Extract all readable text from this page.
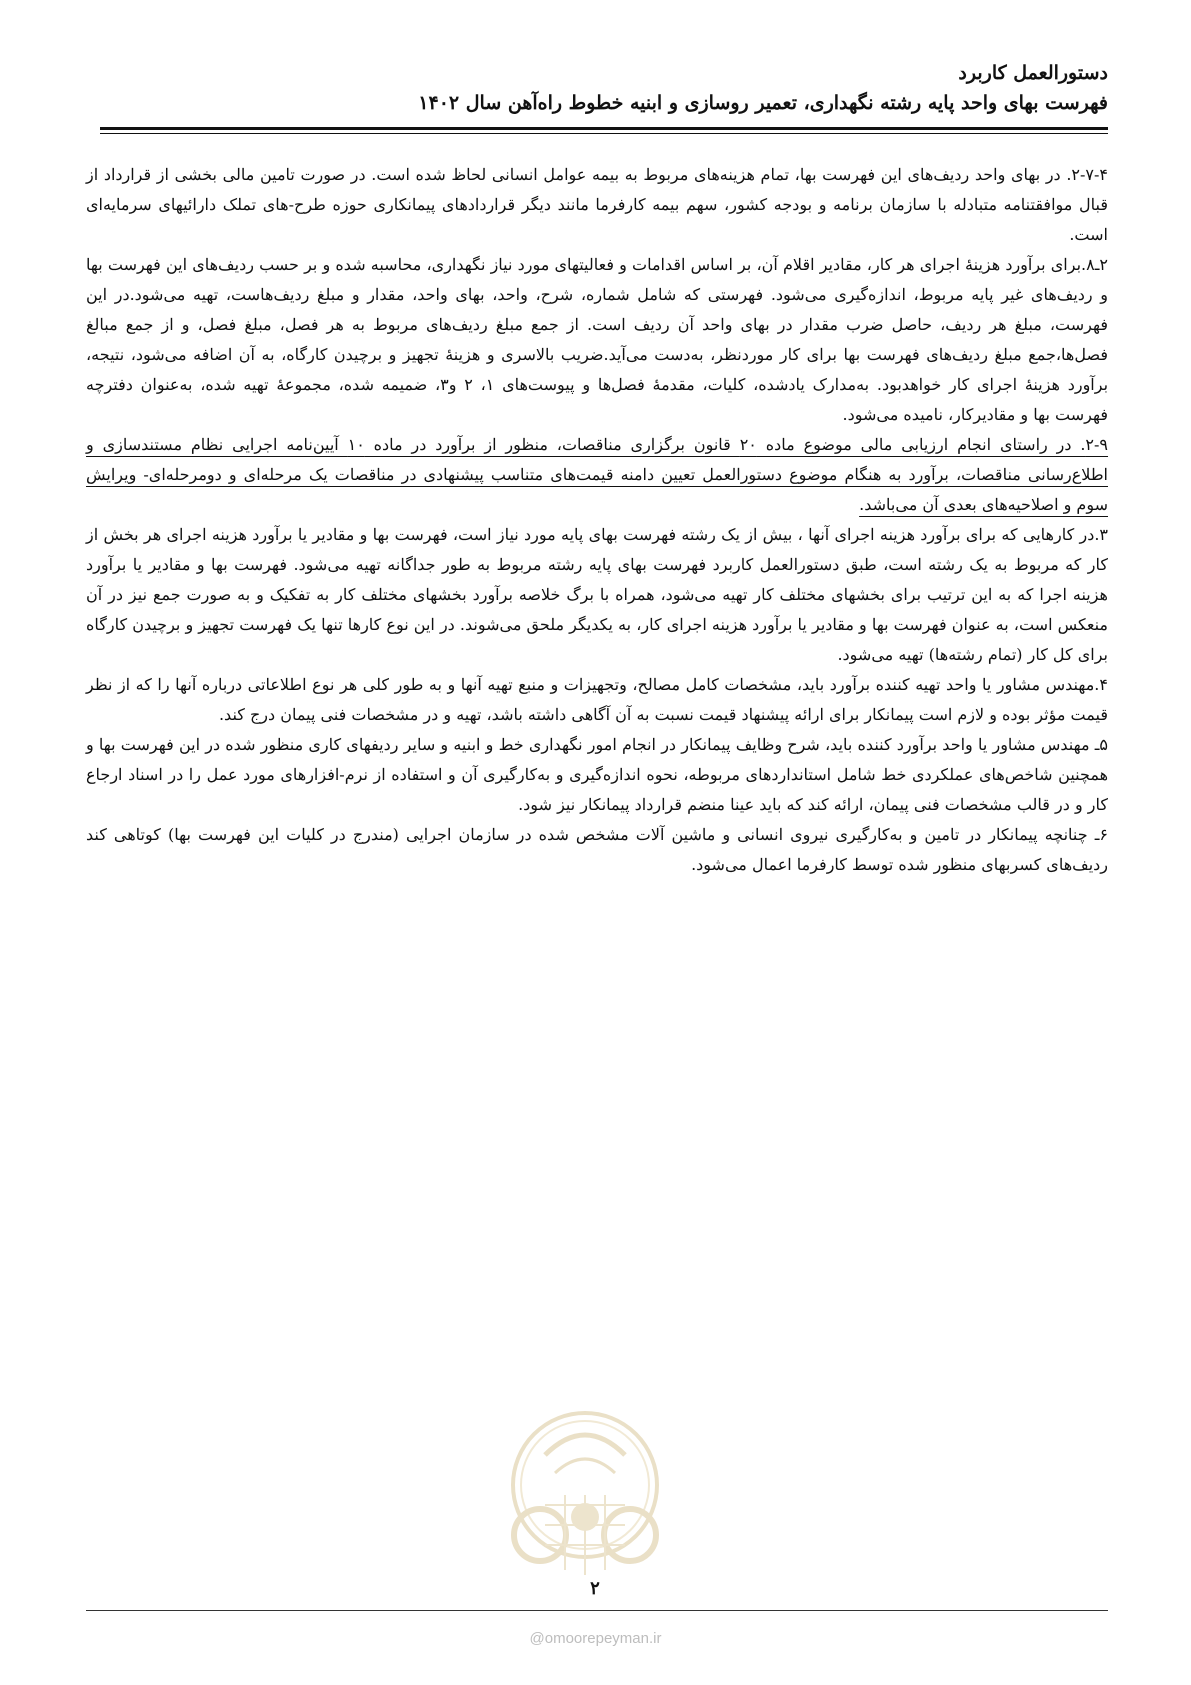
دستورالعمل کاربرد
فهرست بهای واحد پایه رشته نگهداری، تعمیر روسازی و ابنیه خطوط راه‌آهن سال ۱۴۰۲

۲-۷-۴. در بهای واحد ردیف‌های این فهرست بها، تمام هزینه‌های مربوط به بیمه عوامل انسانی لحاظ شده است. در صورت تامین مالی بخشی از قرارداد از قبال موافقتنامه متبادله با سازمان برنامه و بودجه کشور، سهم بیمه کارفرما مانند دیگر قراردادهای پیمانکاری حوزه طرح-های تملک دارائیهای سرمایه‌ای است.

۲ـ۸.برای برآورد هزینهٔ اجرای هر کار، مقادیر اقلام آن، بر اساس اقدامات و فعالیتهای مورد نیاز نگهداری، محاسبه شده و بر حسب ردیف‌های این فهرست بها و ردیف‌های غیر پایه مربوط، اندازه‌گیری می‌شود. فهرستی که شامل شماره، شرح، واحد، بهای واحد، مقدار و مبلغ ردیف‌هاست، تهیه می‌شود.در این فهرست، مبلغ هر ردیف، حاصل ضرب مقدار در بهای واحد آن ردیف است. از جمع مبلغ ردیف‌های مربوط به هر فصل، مبلغ فصل، و از جمع مبالغ فصل‌ها،جمع مبلغ ردیف‌های فهرست بها برای کار موردنظر، به‌دست می‌آید.ضریب بالاسری و هزینهٔ تجهیز و برچیدن کارگاه، به آن اضافه می‌شود، نتیجه، برآورد هزینهٔ اجرای کار خواهدبود. به‌مدارک یادشده، کلیات، مقدمهٔ فصل‌ها و پیوست‌های ۱، ۲ و۳، ضمیمه شده، مجموعهٔ تهیه شده، به‌عنوان دفترچه فهرست بها و مقادیرکار، نامیده می‌شود.

۲-۹. در راستای انجام ارزیابی مالی موضوع ماده ۲۰ قانون برگزاری مناقصات، منظور از برآورد در ماده ۱۰ آیین‌نامه اجرایی نظام مستندسازی و اطلاع‌رسانی مناقصات، برآورد به هنگام موضوع دستورالعمل تعیین دامنه قیمت‌های متناسب پیشنهادی در مناقصات یک مرحله‌ای و دومرحله‌ای- ویرایش سوم و اصلاحیه‌های بعدی آن می‌باشد.

۳.در کارهایی که برای برآورد هزینه اجرای آنها ، بیش از یک رشته فهرست بهای پایه مورد نیاز است، فهرست بها و مقادیر یا برآورد هزینه اجرای هر بخش از کار که مربوط به یک رشته است، طبق دستورالعمل کاربرد فهرست بهای پایه رشته مربوط به طور جداگانه تهیه می‌شود. فهرست بها و مقادیر یا برآورد هزینه اجرا که به این ترتیب برای بخشهای مختلف کار تهیه می‌شود، همراه با برگ خلاصه برآورد بخشهای مختلف کار به تفکیک و به صورت جمع نیز در آن منعکس است، به عنوان فهرست بها و مقادیر یا برآورد هزینه اجرای کار، به یکدیگر ملحق می‌شوند. در این نوع کارها تنها یک فهرست تجهیز و برچیدن کارگاه برای کل کار (تمام رشته‌ها) تهیه می‌شود.

۴.مهندس مشاور یا واحد تهیه کننده برآورد باید، مشخصات کامل مصالح، وتجهیزات و منبع تهیه آنها و به طور کلی هر نوع اطلاعاتی درباره آنها را که از نظر قیمت مؤثر بوده و لازم است پیمانکار برای ارائه پیشنهاد قیمت نسبت به آن آگاهی داشته باشد، تهیه و در مشخصات فنی پیمان درج کند.

۵ـ مهندس مشاور یا واحد برآورد کننده باید، شرح وظایف پیمانکار در انجام امور نگهداری خط و ابنیه و سایر ردیفهای کاری منظور شده در این فهرست بها و همچنین شاخص‌های عملکردی خط شامل استانداردهای مربوطه، نحوه اندازه‌گیری و به‌کارگیری آن و استفاده از نرم-افزارهای مورد عمل را در اسناد ارجاع کار و در قالب مشخصات فنی پیمان، ارائه کند که باید عینا منضم قرارداد پیمانکار نیز شود.

۶ـ چنانچه پیمانکار در تامین و به‌کارگیری نیروی انسانی و ماشین آلات مشخص شده در سازمان اجرایی (مندرج در کلیات این فهرست بها) کوتاهی کند ردیف‌های کسربهای منظور شده توسط کارفرما اعمال می‌شود.

۲
@omoorepeyman.ir
